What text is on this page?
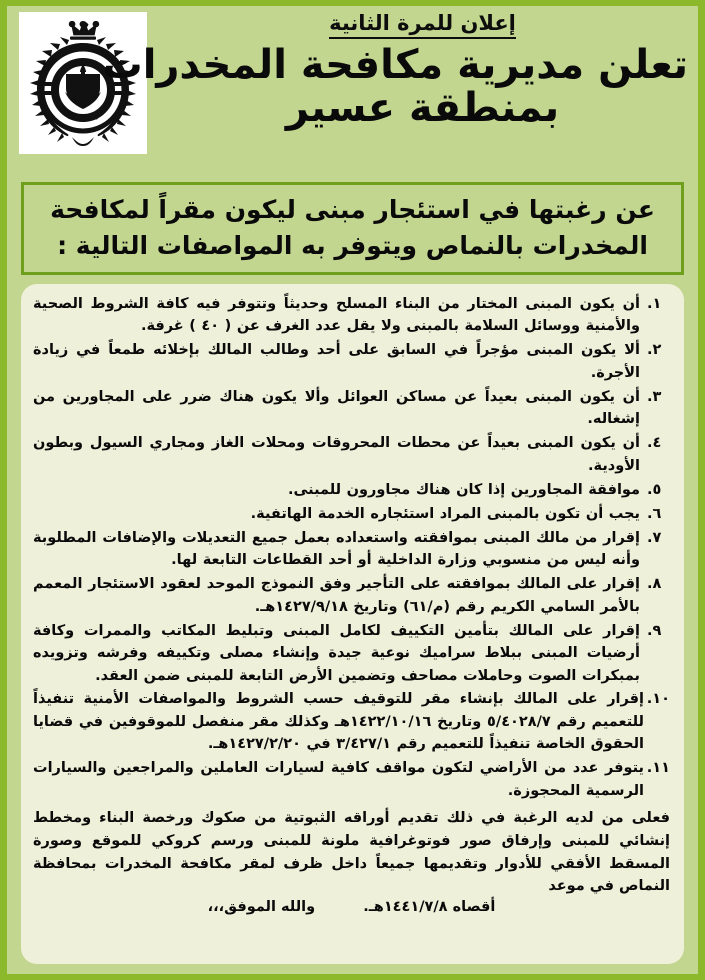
إعلان للمرة الثانية
تعلن مديرية مكافحة المخدرات
بمنطقة عسير
عن رغبتها في استئجار مبنى ليكون مقراً لمكافحة
المخدرات بالنماص ويتوفر به المواصفات التالية :
١.
أن يكون المبنى المختار من البناء المسلح وحديثاً وتتوفر فيه كافة الشروط الصحية والأمنية ووسائل السلامة بالمبنى ولا يقل عدد الغرف عن ( ٤٠ ) غرفة.
٢.
ألا يكون المبنى مؤجراً في السابق على أحد وطالب المالك بإخلائه طمعاً في زيادة الأجرة.
٣.
أن يكون المبنى بعيداً عن مساكن العوائل وألا يكون هناك ضرر على المجاورين من إشغاله.
٤.
أن يكون المبنى بعيداً عن محطات المحروقات ومحلات الغاز ومجاري السيول وبطون الأودية.
٥.
موافقة المجاورين إذا كان هناك مجاورون للمبنى.
٦.
يجب أن تكون بالمبنى المراد استئجاره الخدمة الهاتفية.
٧.
إقرار من مالك المبنى بموافقته واستعداده بعمل جميع التعديلات والإضافات المطلوبة وأنه ليس من منسوبي وزارة الداخلية أو أحد القطاعات التابعة لها.
٨.
إقرار على المالك بموافقته على التأجير وفق النموذج الموحد لعقود الاستئجار المعمم بالأمر السامي الكريم رقم (م/٦١) وتاريخ ١٤٢٧/٩/١٨هـ.
٩.
إقرار على المالك بتأمين التكييف لكامل المبنى وتبليط المكاتب والممرات وكافة أرضيات المبنى ببلاط سراميك نوعية جيدة وإنشاء مصلى وتكييفه وفرشه وتزويده بمبكرات الصوت وحاملات مصاحف وتضمين الأرض التابعة للمبنى ضمن العقد.
١٠.
إقرار على المالك بإنشاء مقر للتوقيف حسب الشروط والمواصفات الأمنية تنفيذاً للتعميم رقم ٥/٤٠٢٨/٧ وتاريخ ١٤٢٢/١٠/١٦هـ وكذلك مقر منفصل للموقوفين في قضايا الحقوق الخاصة تنفيذاً للتعميم رقم ٣/٤٢٧/١ في ١٤٢٧/٢/٢٠هـ.
١١.
يتوفر عدد من الأراضي لتكون مواقف كافية لسيارات العاملين والمراجعين والسيارات الرسمية المحجوزة.
فعلى من لديه الرغبة في ذلك تقديم أوراقه الثبوتية من صكوك ورخصة البناء ومخطط إنشائي للمبنى وإرفاق صور فوتوغرافية ملونة للمبنى ورسم كروكي للموقع وصورة المسقط الأفقي للأدوار وتقديمها جميعاً داخل ظرف لمقر مكافحة المخدرات بمحافظة النماص في موعد
أقصاه ١٤٤١/٧/٨هـ.  والله الموفق،،،
